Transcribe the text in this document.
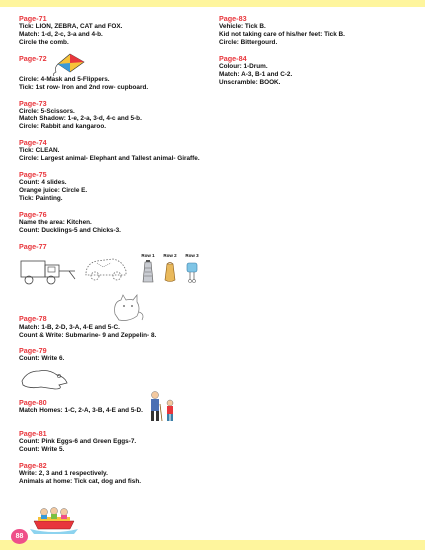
Page-71
Tick: LION, ZEBRA, CAT and FOX.
Match: 1-d, 2-c, 3-a and 4-b.
Circle the comb.
Page-72
Circle: 4-Mask and 5-Flippers.
Tick: 1st row- Iron and 2nd row- cupboard.
Page-73
Circle: 5-Scissors.
Match Shadow: 1-e, 2-a, 3-d, 4-c and 5-b.
Circle: Rabbit and kangaroo.
Page-74
Tick: CLEAN.
Circle: Largest animal- Elephant and Tallest animal- Giraffe.
Page-75
Count: 4 slides.
Orange juice: Circle E.
Tick: Painting.
Page-76
Name the area: Kitchen.
Count: Ducklings-5 and Chicks-3.
Page-77
Row 1 Row 2 Row 3
Page-78
Match: 1-B, 2-D, 3-A, 4-E and 5-C.
Count & Write: Submarine- 9 and Zeppelin- 8.
Page-79
Count: Write 6.
Page-80
Match Homes: 1-C, 2-A, 3-B, 4-E and 5-D.
Page-81
Count: Pink Eggs-6 and Green Eggs-7.
Count: Write 5.
Page-82
Write: 2, 3 and 1 respectively.
Animals at home: Tick cat, dog and fish.
Page-83
Vehicle: Tick B.
Kid not taking care of his/her feet: Tick B.
Circle: Bittergourd.
Page-84
Colour: 1-Drum.
Match: A-3, B-1 and C-2.
Unscramble: BOOK.
88
